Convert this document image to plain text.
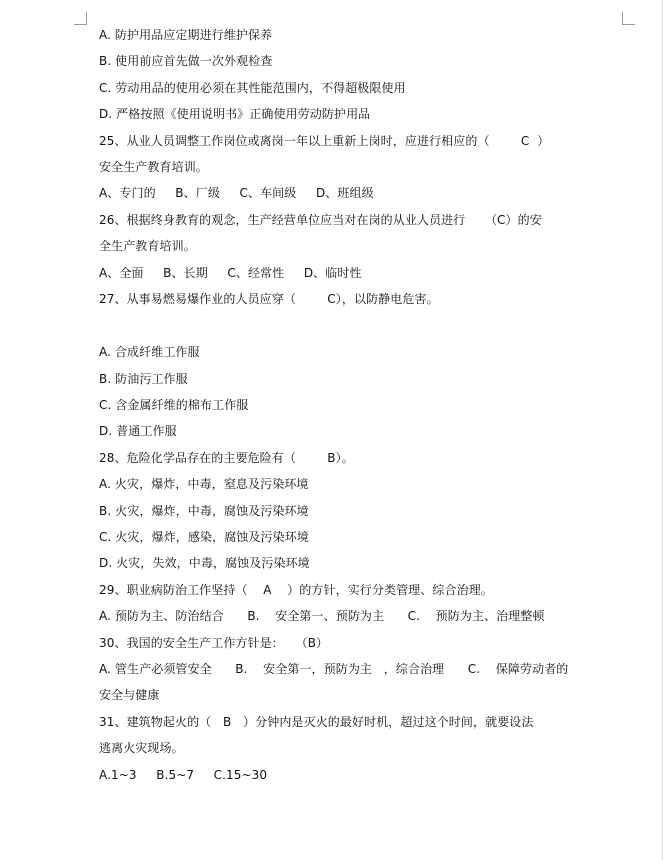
A. 防护用品应定期进行维护保养
B. 使用前应首先做一次外观检查
C. 劳动用品的使用必须在其性能范围内，不得超极限使用
D. 严格按照《使用说明书》正确使用劳动防护用品
25、从业人员调整工作岗位或离岗一年以上重新上岗时，应进行相应的（        C  ）
安全生产教育培训。
A、专门的     B、厂级     C、车间级     D、班组级
26、根据终身教育的观念，生产经营单位应当对在岗的从业人员进行     （C）的安
全生产教育培训。
A、全面     B、长期     C、经常性     D、临时性
27、从事易燃易爆作业的人员应穿（        C），以防静电危害。
A. 合成纤维工作服
B. 防油污工作服
C. 含金属纤维的棉布工作服
D. 普通工作服
28、危险化学品存在的主要危险有（        B）。
A. 火灾，爆炸，中毒，窒息及污染环境
B. 火灾，爆炸，中毒，腐蚀及污染环境
C. 火灾，爆炸，感染，腐蚀及污染环境
D. 火灾，失效，中毒，腐蚀及污染环境
29、职业病防治工作坚持（    A    ）的方针，实行分类管理、综合治理。
A. 预防为主、防治结合      B.    安全第一、预防为主      C.    预防为主、治理整顿
30、我国的安全生产工作方针是：   （B）
A. 管生产必须管安全      B.    安全第一，预防为主   ，综合治理      C.    保障劳动者的
安全与健康
31、建筑物起火的（   B   ）分钟内是灭火的最好时机，超过这个时间，就要设法
逃离火灾现场。
A.1~3     B.5~7     C.15~30
